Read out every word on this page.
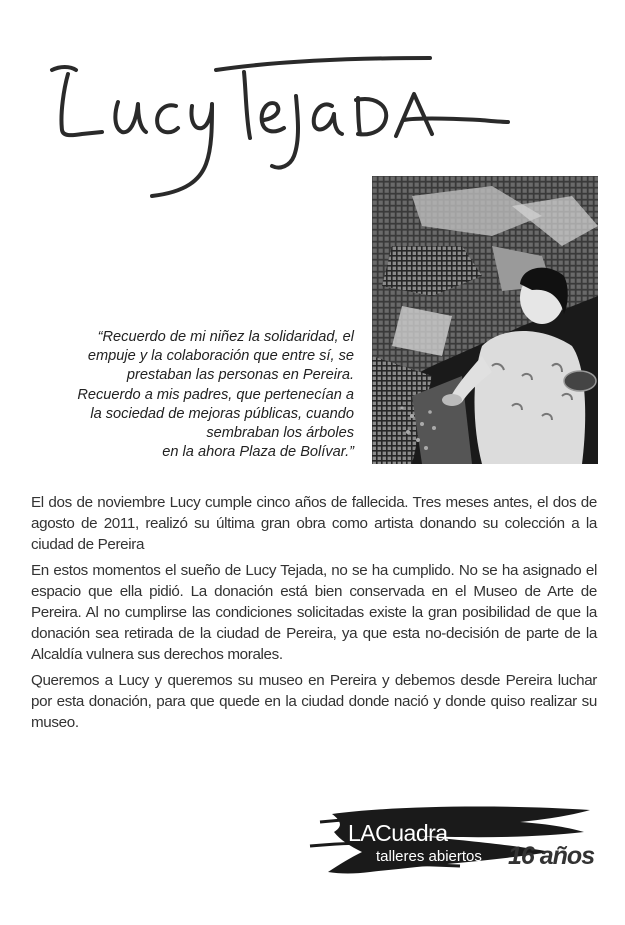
“Recuerdo de mi niñez la solidaridad, el
empuje y la colaboración que entre sí, se
prestaban las personas en Pereira.
Recuerdo a mis padres, que pertenecían a
la sociedad de mejoras públicas, cuando
sembraban los árboles
en la ahora Plaza de Bolívar.”

El dos de noviembre Lucy cumple cinco años de fallecida. Tres meses antes, el dos de agosto de 2011, realizó su última gran obra como artista donando su colección a la ciudad de Pereira

En estos momentos el sueño de Lucy Tejada, no se ha cumplido. No se ha asignado el espacio que ella pidió. La donación está bien conservada en el Museo de Arte de Pereira. Al no cumplirse las condiciones solicitadas existe la gran posibilidad de que la donación sea retirada de la ciudad de Pereira, ya que esta no-decisión de parte de la Alcaldía vulnera sus derechos morales.

Queremos a Lucy y queremos su museo en Pereira y debemos desde Pereira luchar por esta donación, para que quede en la ciudad donde nació y donde quiso realizar su museo.

LACuadra
talleres abiertos 16 años
